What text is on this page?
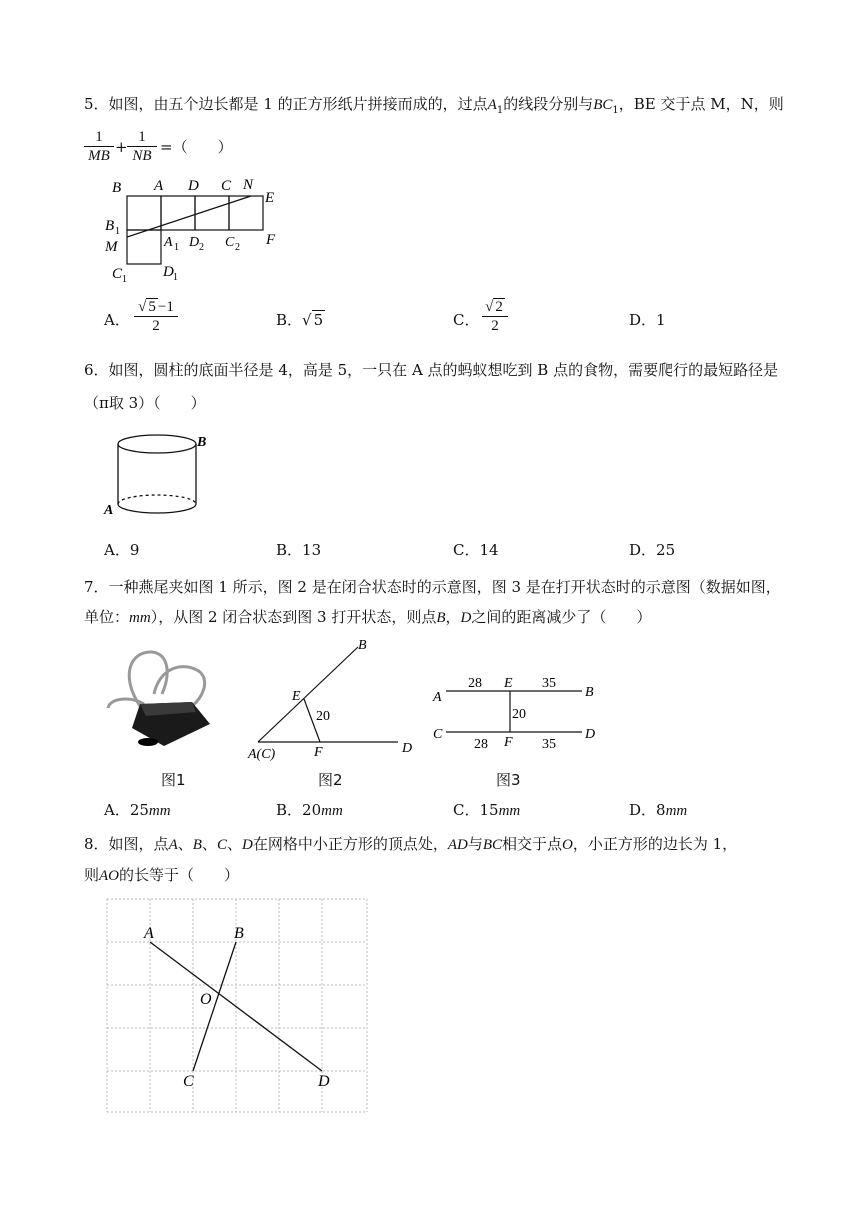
5．如图，由五个边长都是 1 的正方形纸片拼接而成的，过点$A_1$的线段分别与$BC_1$，BE 交于点 M，N，则
1
MB +
1
NB =（　　）
B A D C N
E
B 1
M	A 1 D 2 C 2 F
C 1 D 1
A．
√ 5 −1
2	B．√ 5	C．
√ 2
2	D．1
6．如图，圆柱的底面半径是 4，高是 5，一只在 A 点的蚂蚁想吃到 B 点的食物，需要爬行的最短路径是
（π取 3）（　　）
A
B
A．9	B．13	C．14	D．25
7．一种燕尾夹如图 1 所示，图 2 是在闭合状态时的示意图，图 3 是在打开状态时的示意图（数据如图，
单位：mm），从图 2 闭合状态到图 3 打开状态，则点B，D之间的距离减少了（　　）
B
E
20
A(C)	F	D
A
28 E 35
B
20
C
28 F 35
D
图1	图2	图3
A．25mm	B．20mm	C．15mm	D．8mm
8．如图，点A、B、C、D在网格中小正方形的顶点处，AD与BC相交于点O，小正方形的边长为 1，
则AO的长等于（　　）
A	B
O
C	D
